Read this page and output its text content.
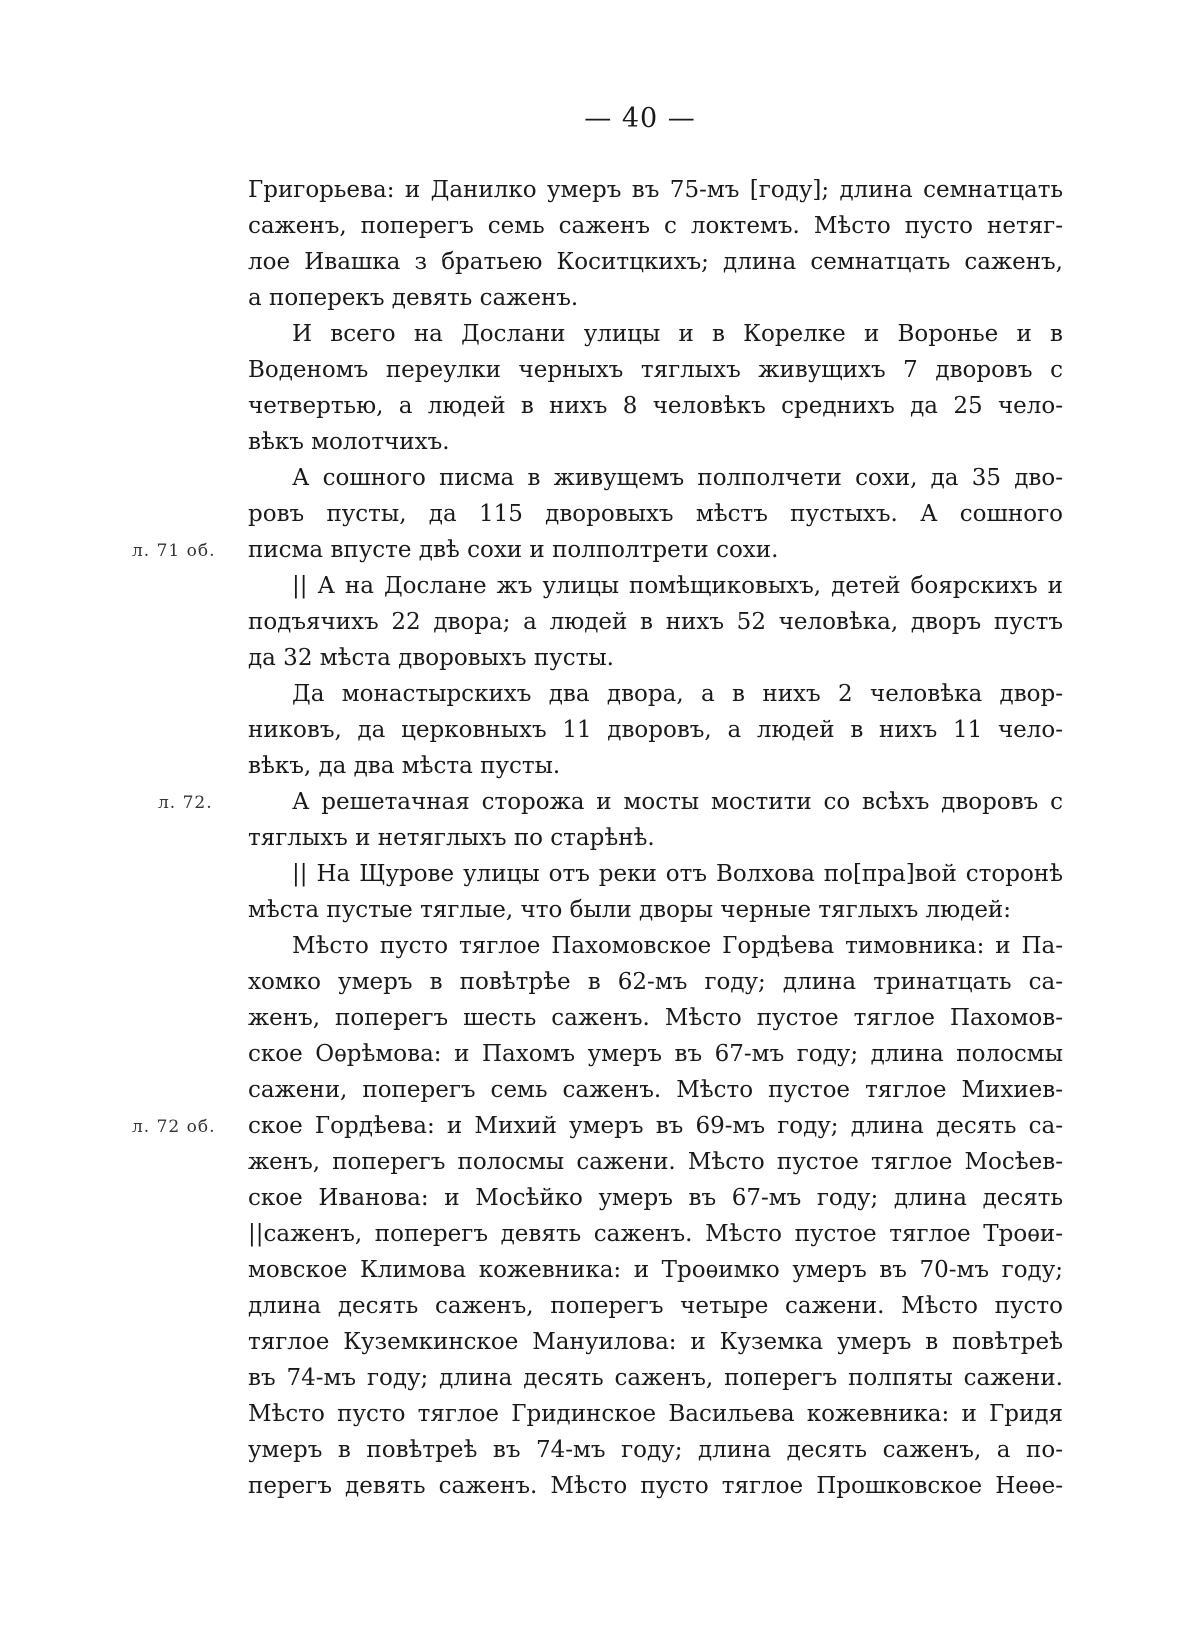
— 40 —
л. 71 об.
л. 72.
л. 72 об.

Григорьева: и Данилко умеръ въ 75-мъ [году]; длина семнатцать
саженъ, поперегъ семь саженъ с локтемъ. Мѣсто пусто нетяг-
лое Ивашка з братьею Коситцкихъ; длина семнатцать саженъ,
а поперекъ девять саженъ.

И всего на Дослани улицы и в Корелке и Воронье и в
Воденомъ переулки черныхъ тяглыхъ живущихъ 7 дворовъ с
четвертью, а людей в нихъ 8 человѣкъ среднихъ да 25 чело-
вѣкъ молотчихъ.

А сошного писма в живущемъ полполчети сохи, да 35 дво-
ровъ пусты, да 115 дворовыхъ мѣстъ пустыхъ. А сошного
писма впусте двѣ сохи и полполтрети сохи.

|| А на Дослане жъ улицы помѣщиковыхъ, детей боярскихъ и
подъячихъ 22 двора; а людей в нихъ 52 человѣка, дворъ пустъ
да 32 мѣста дворовыхъ пусты.

Да монастырскихъ два двора, а в нихъ 2 человѣка двор-
никовъ, да церковныхъ 11 дворовъ, а людей в нихъ 11 чело-
вѣкъ, да два мѣста пусты.

А решетачная сторожа и мосты мостити со всѣхъ дворовъ с
тяглыхъ и нетяглыхъ по старѣнѣ.

|| На Щурове улицы отъ реки отъ Волхова по[пра]вой сторонѣ
мѣста пустые тяглые, что были дворы черные тяглыхъ людей:

Мѣсто пусто тяглое Пахомовское Гордѣева тимовника: и Па-
хомко умеръ в повѣтрѣе в 62-мъ году; длина тринатцать са-
женъ, поперегъ шесть саженъ. Мѣсто пустое тяглое Пахомов-
ское Оѳрѣмова: и Пахомъ умеръ въ 67-мъ году; длина полосмы
сажени, поперегъ семь саженъ. Мѣсто пустое тяглое Михиев-
ское Гордѣева: и Михий умеръ въ 69-мъ году; длина десять са-
женъ, поперегъ полосмы сажени. Мѣсто пустое тяглое Мосѣев-
ское Иванова: и Мосѣйко умеръ въ 67-мъ году; длина десять
||саженъ, поперегъ девять саженъ. Мѣсто пустое тяглое Троѳи-
мовское Климова кожевника: и Троѳимко умеръ въ 70-мъ году;
длина десять саженъ, поперегъ четыре сажени. Мѣсто пусто
тяглое Куземкинское Мануилова: и Куземка умеръ в повѣтреѣ
въ 74-мъ году; длина десять саженъ, поперегъ полпяты сажени.
Мѣсто пусто тяглое Гридинское Васильева кожевника: и Гридя
умеръ в повѣтреѣ въ 74-мъ году; длина десять саженъ, а по-
перегъ девять саженъ. Мѣсто пусто тяглое Прошковское Неѳе-
